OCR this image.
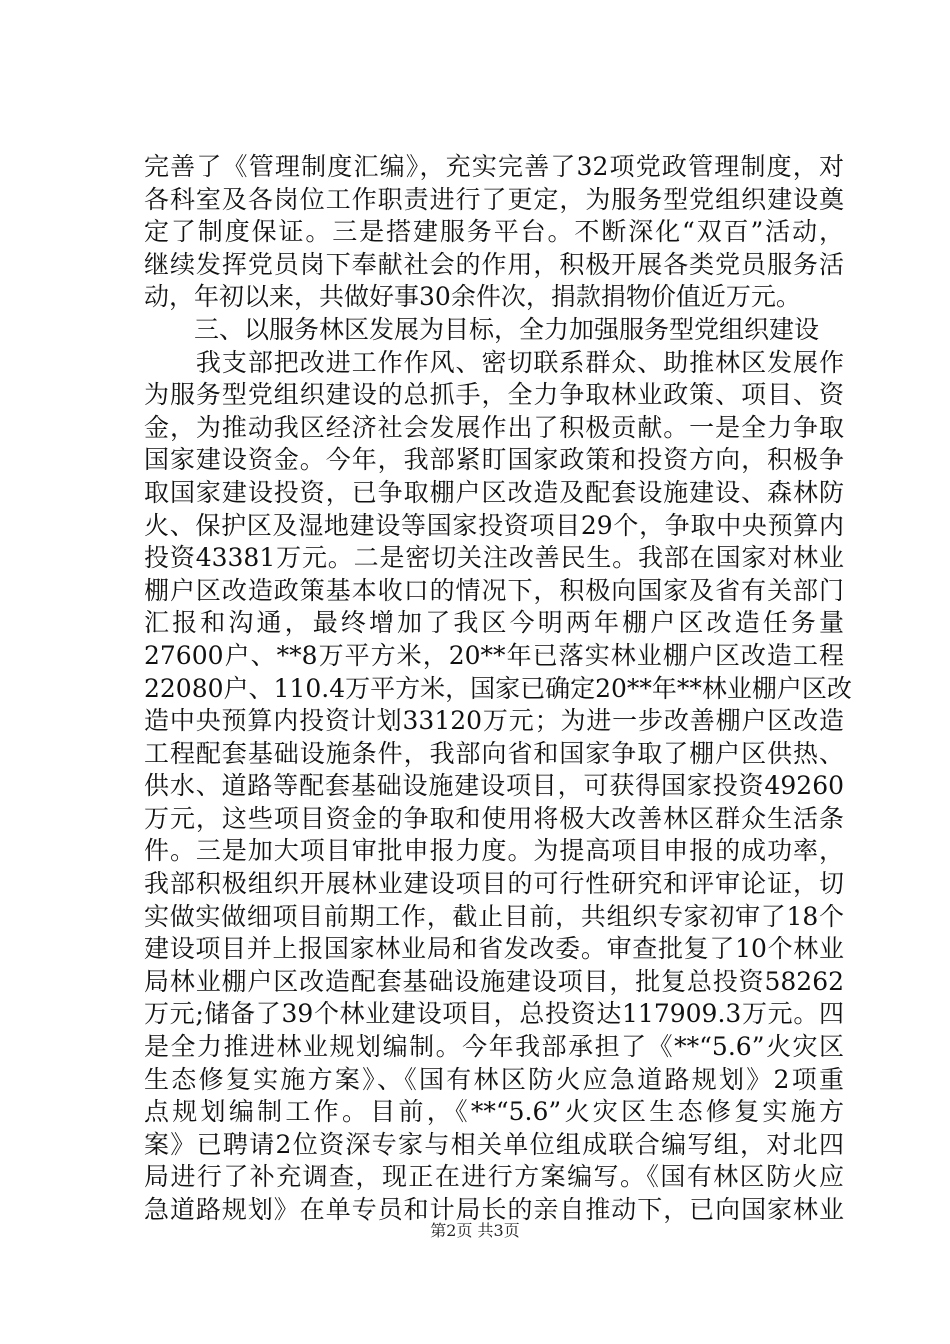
完善了《管理制度汇编》，充实完善了32项党政管理制度，对
各科室及各岗位工作职责进行了更定，为服务型党组织建设奠
定了制度保证。三是搭建服务平台。不断深化“双百”活动，
继续发挥党员岗下奉献社会的作用，积极开展各类党员服务活
动，年初以来，共做好事30余件次，捐款捐物价值近万元。
　　三、以服务林区发展为目标，全力加强服务型党组织建设
　　我支部把改进工作作风、密切联系群众、助推林区发展作
为服务型党组织建设的总抓手，全力争取林业政策、项目、资
金，为推动我区经济社会发展作出了积极贡献。一是全力争取
国家建设资金。今年，我部紧盯国家政策和投资方向，积极争
取国家建设投资，已争取棚户区改造及配套设施建设、森林防
火、保护区及湿地建设等国家投资项目29个，争取中央预算内
投资43381万元。二是密切关注改善民生。我部在国家对林业
棚户区改造政策基本收口的情况下，积极向国家及省有关部门
汇报和沟通，最终增加了我区今明两年棚户区改造任务量
27600户、**8万平方米，20**年已落实林业棚户区改造工程
22080户、110.4万平方米，国家已确定20**年**林业棚户区改
造中央预算内投资计划33120万元；为进一步改善棚户区改造
工程配套基础设施条件，我部向省和国家争取了棚户区供热、
供水、道路等配套基础设施建设项目，可获得国家投资49260
万元，这些项目资金的争取和使用将极大改善林区群众生活条
件。三是加大项目审批申报力度。为提高项目申报的成功率，
我部积极组织开展林业建设项目的可行性研究和评审论证，切
实做实做细项目前期工作，截止目前，共组织专家初审了18个
建设项目并上报国家林业局和省发改委。审查批复了10个林业
局林业棚户区改造配套基础设施建设项目，批复总投资58262
万元;储备了39个林业建设项目，总投资达117909.3万元。四
是全力推进林业规划编制。今年我部承担了《**“5.6”火灾区
生态修复实施方案》、《国有林区防火应急道路规划》2项重
点规划编制工作。目前，《**“5.6”火灾区生态修复实施方
案》已聘请2位资深专家与相关单位组成联合编写组，对北四
局进行了补充调查，现正在进行方案编写。《国有林区防火应
急道路规划》在单专员和计局长的亲自推动下，已向国家林业
第2页 共3页
